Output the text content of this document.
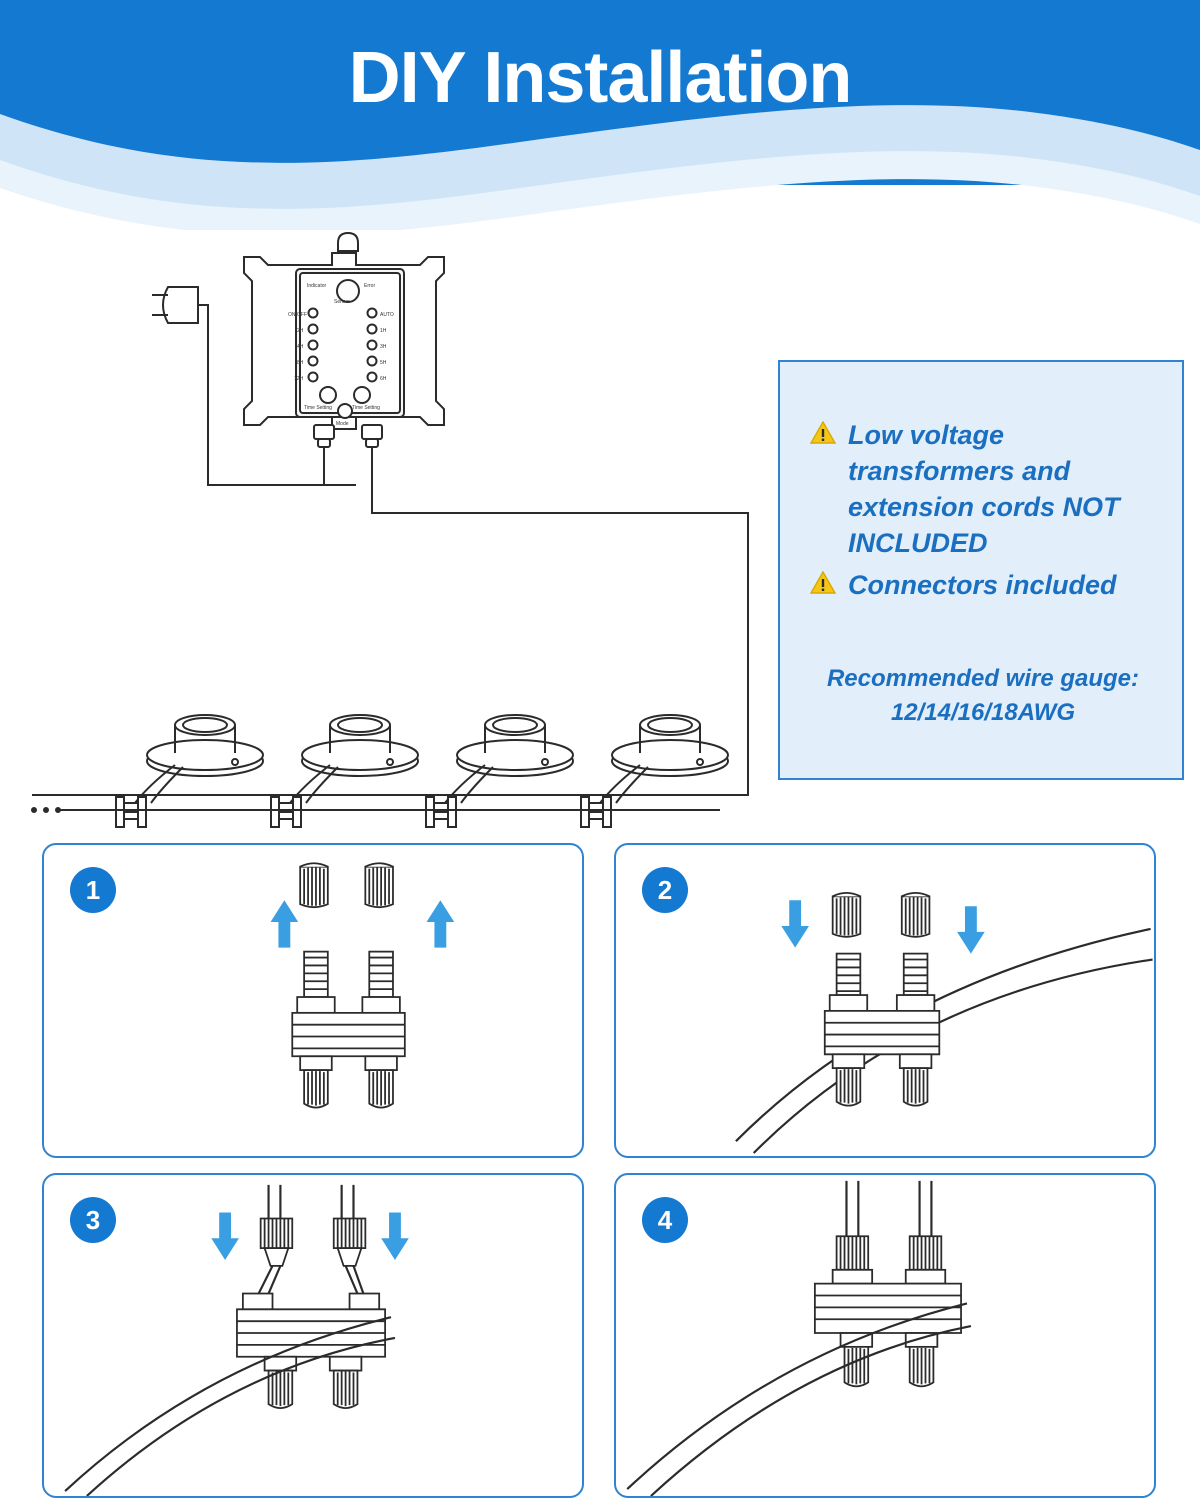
DIY Installation
Indicator	Error
Sensor
ON/OFF	AUTO
2H	1H
4H	3H
8H	5H
12H	6H
Time Setting	Time Setting
Mode	Low voltage transformers and extension cords NOT INCLUDED
Connectors included
Recommended wire gauge: 12/14/16/18AWG
1	2
3	4
